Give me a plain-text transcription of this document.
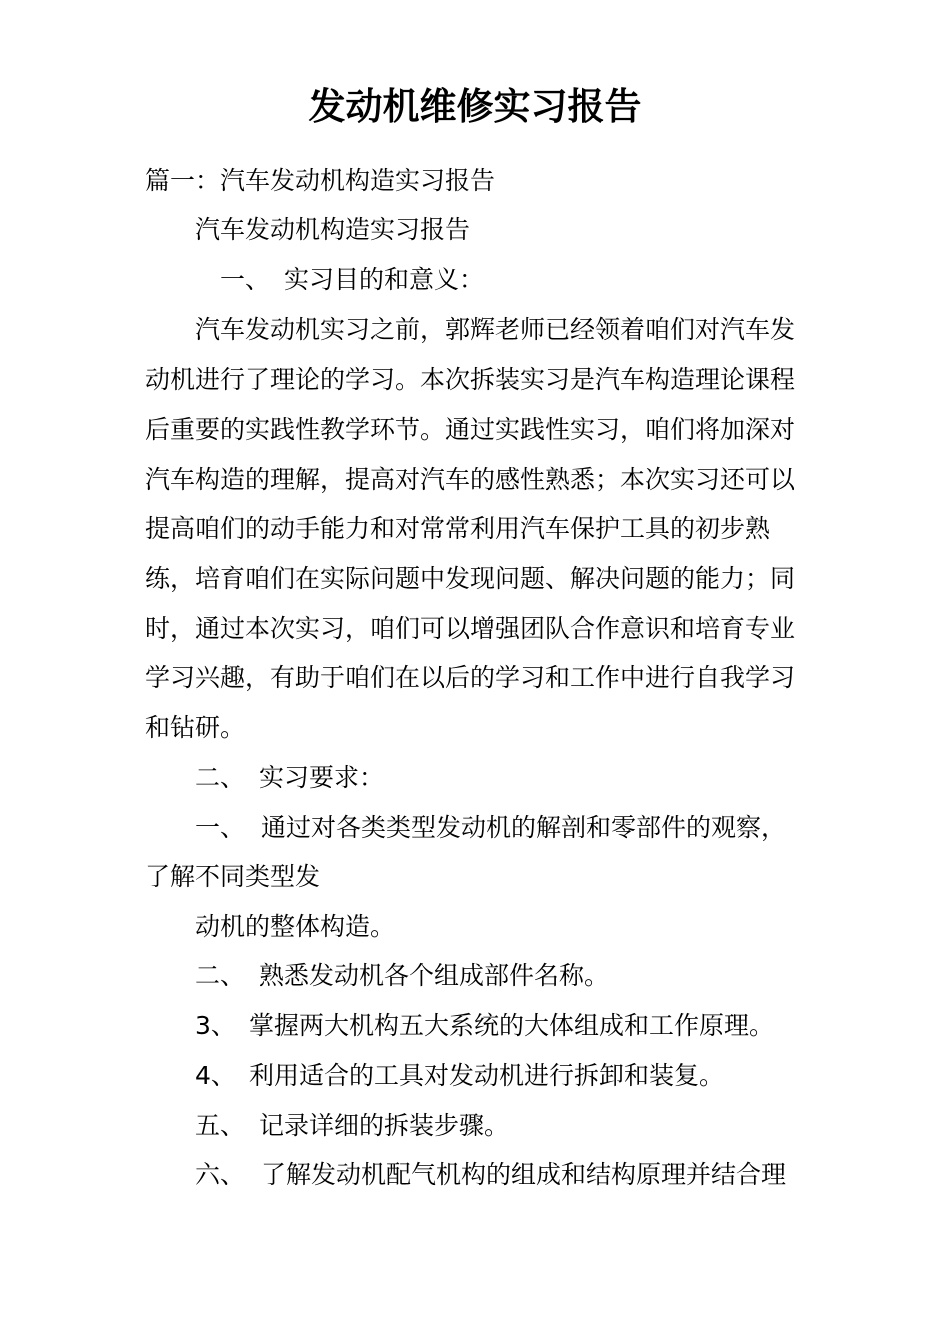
发动机维修实习报告
篇一：汽车发动机构造实习报告
汽车发动机构造实习报告
一、 实习目的和意义：
汽车发动机实习之前，郭辉老师已经领着咱们对汽车发
动机进行了理论的学习。本次拆装实习是汽车构造理论课程
后重要的实践性教学环节。通过实践性实习，咱们将加深对
汽车构造的理解，提高对汽车的感性熟悉；本次实习还可以
提高咱们的动手能力和对常常利用汽车保护工具的初步熟
练，培育咱们在实际问题中发现问题、解决问题的能力；同
时，通过本次实习，咱们可以增强团队合作意识和培育专业
学习兴趣，有助于咱们在以后的学习和工作中进行自我学习
和钻研。
二、 实习要求：
一、 通过对各类类型发动机的解剖和零部件的观察，
了解不同类型发
动机的整体构造。
二、 熟悉发动机各个组成部件名称。
3、 掌握两大机构五大系统的大体组成和工作原理。
4、 利用适合的工具对发动机进行拆卸和装复。
五、 记录详细的拆装步骤。
六、 了解发动机配气机构的组成和结构原理并结合理
